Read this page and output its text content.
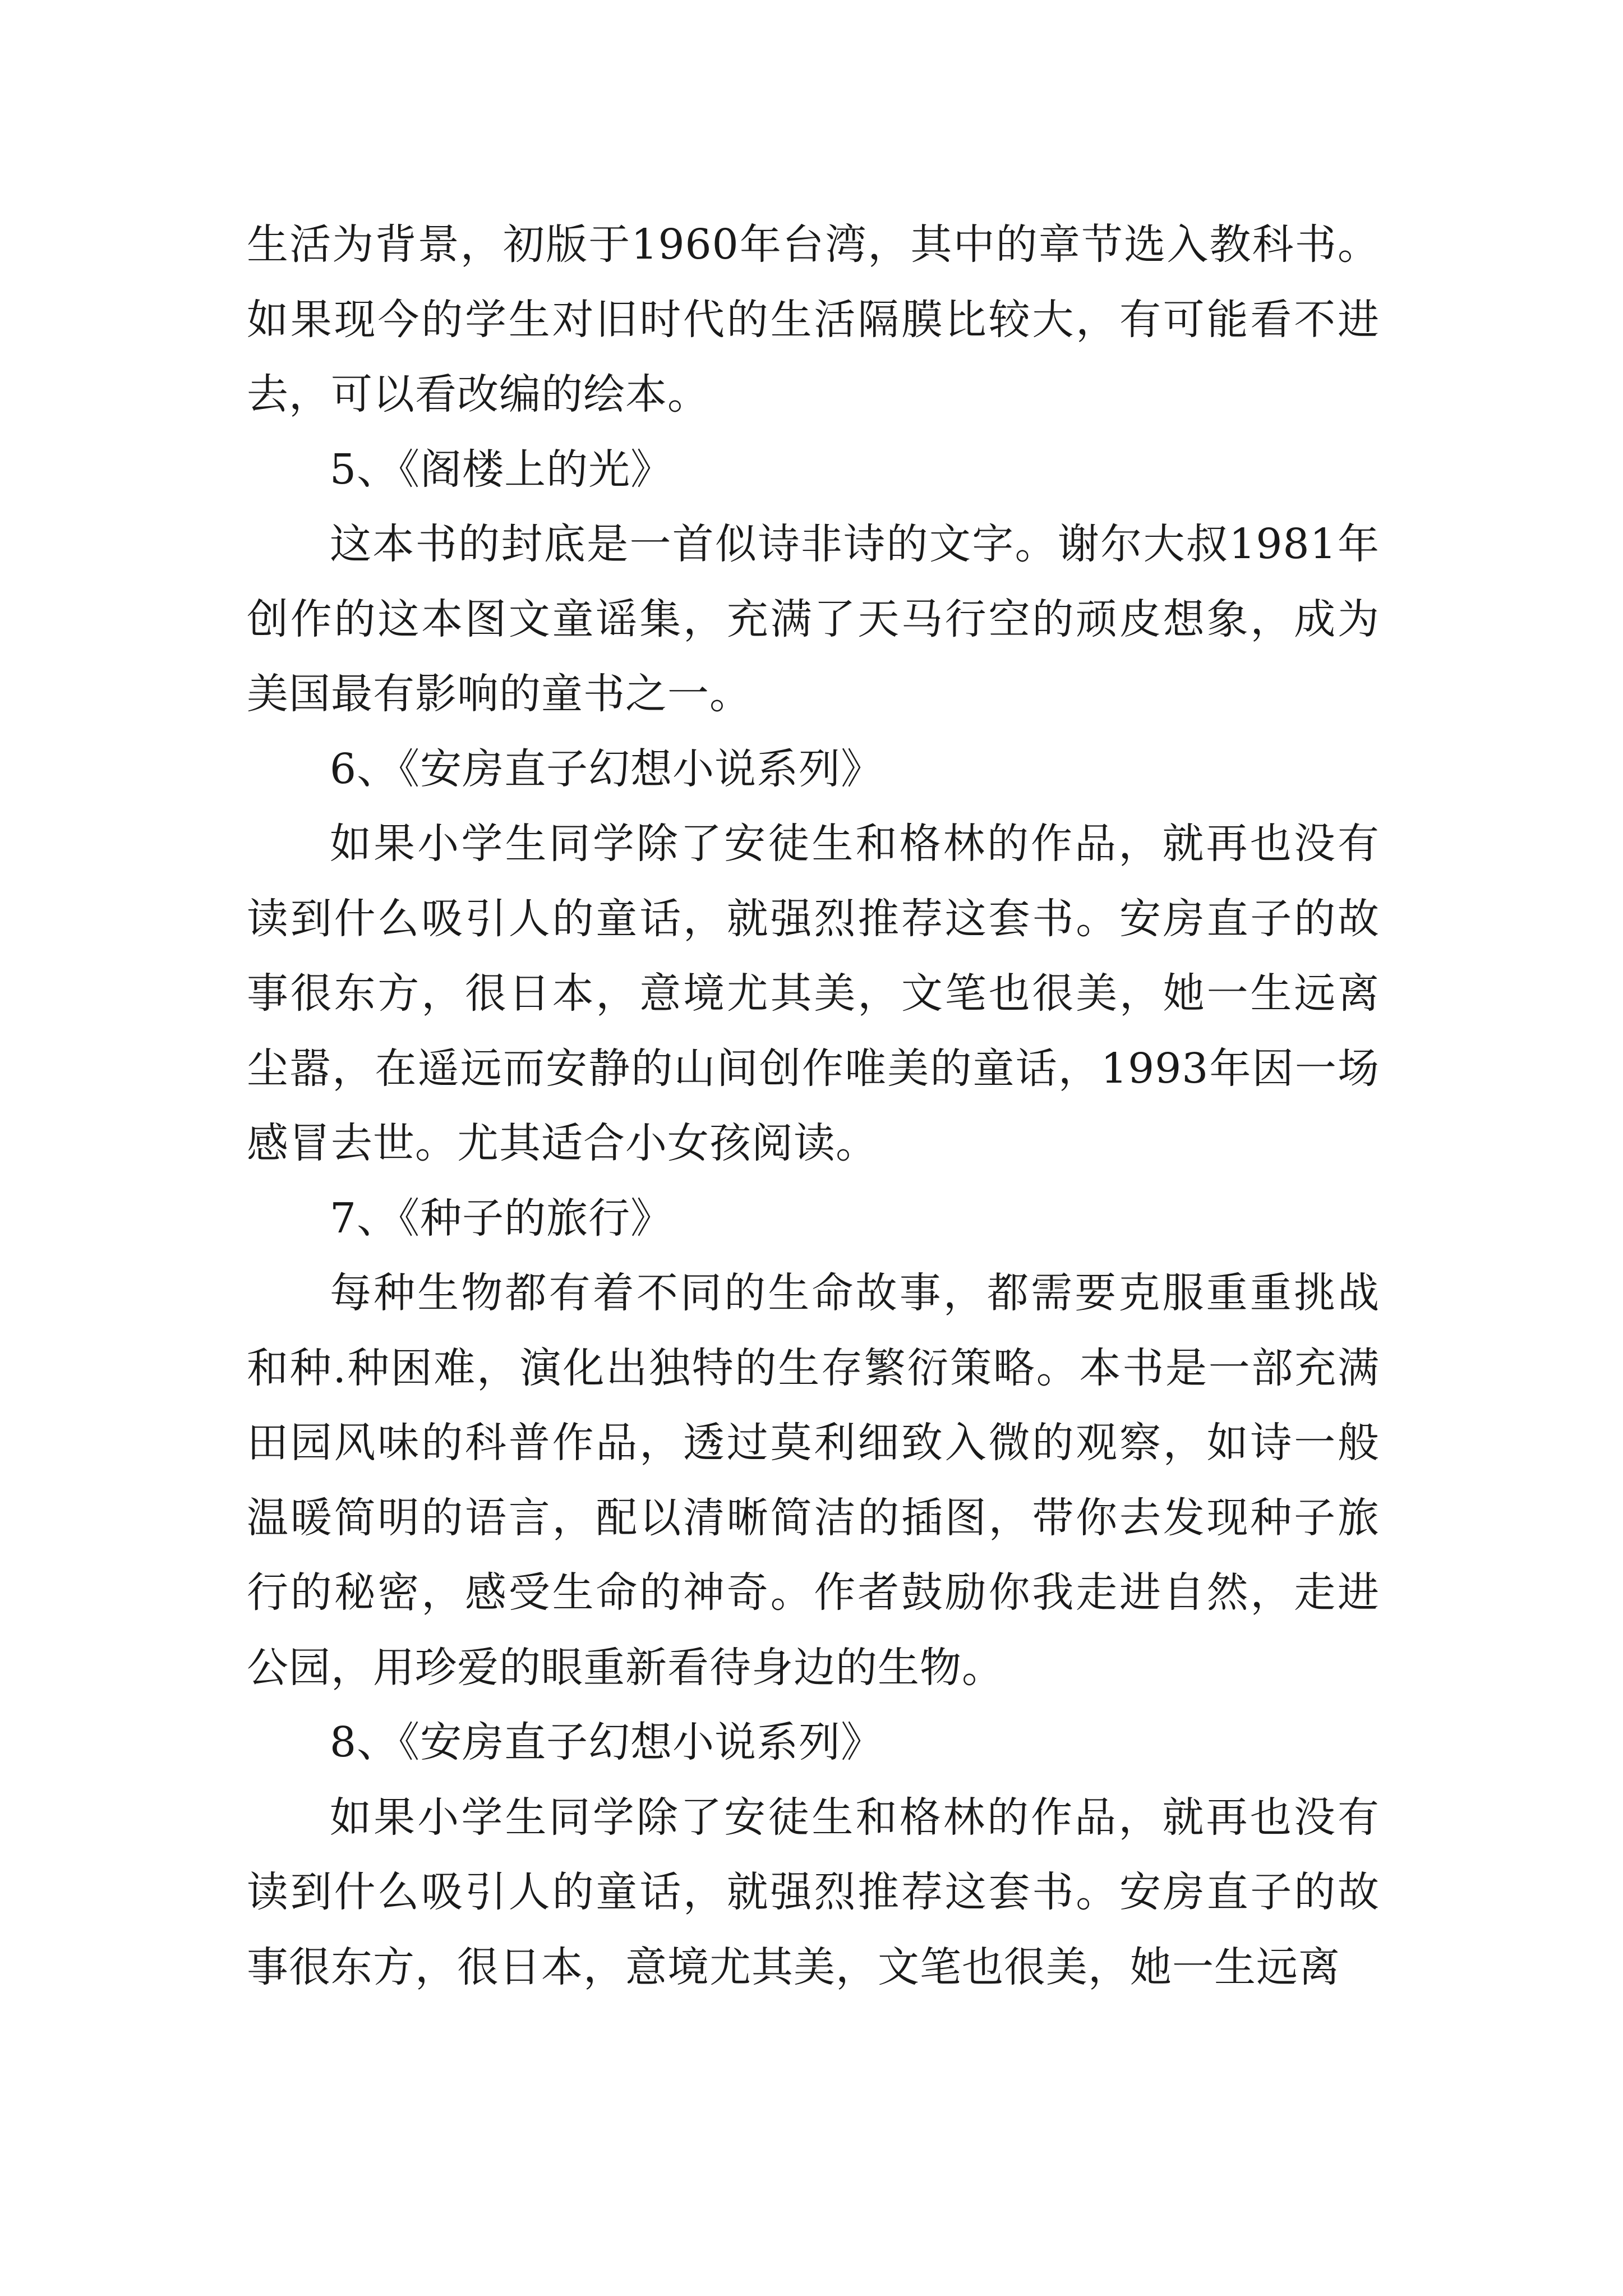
生活为背景，初版于1960年台湾，其中的章节选入教科书。如果现今的学生对旧时代的生活隔膜比较大，有可能看不进去，可以看改编的绘本。

5、《阁楼上的光》

这本书的封底是一首似诗非诗的文字。谢尔大叔1981年创作的这本图文童谣集，充满了天马行空的顽皮想象，成为美国最有影响的童书之一。

6、《安房直子幻想小说系列》

如果小学生同学除了安徒生和格林的作品，就再也没有读到什么吸引人的童话，就强烈推荐这套书。安房直子的故事很东方，很日本，意境尤其美，文笔也很美，她一生远离尘嚣，在遥远而安静的山间创作唯美的童话，1993年因一场感冒去世。尤其适合小女孩阅读。

7、《种子的旅行》

每种生物都有着不同的生命故事，都需要克服重重挑战和种.种困难，演化出独特的生存繁衍策略。本书是一部充满田园风味的科普作品，透过莫利细致入微的观察，如诗一般温暖简明的语言，配以清晰简洁的插图，带你去发现种子旅行的秘密，感受生命的神奇。作者鼓励你我走进自然，走进公园，用珍爱的眼重新看待身边的生物。

8、《安房直子幻想小说系列》

如果小学生同学除了安徒生和格林的作品，就再也没有读到什么吸引人的童话，就强烈推荐这套书。安房直子的故事很东方，很日本，意境尤其美，文笔也很美，她一生远离
